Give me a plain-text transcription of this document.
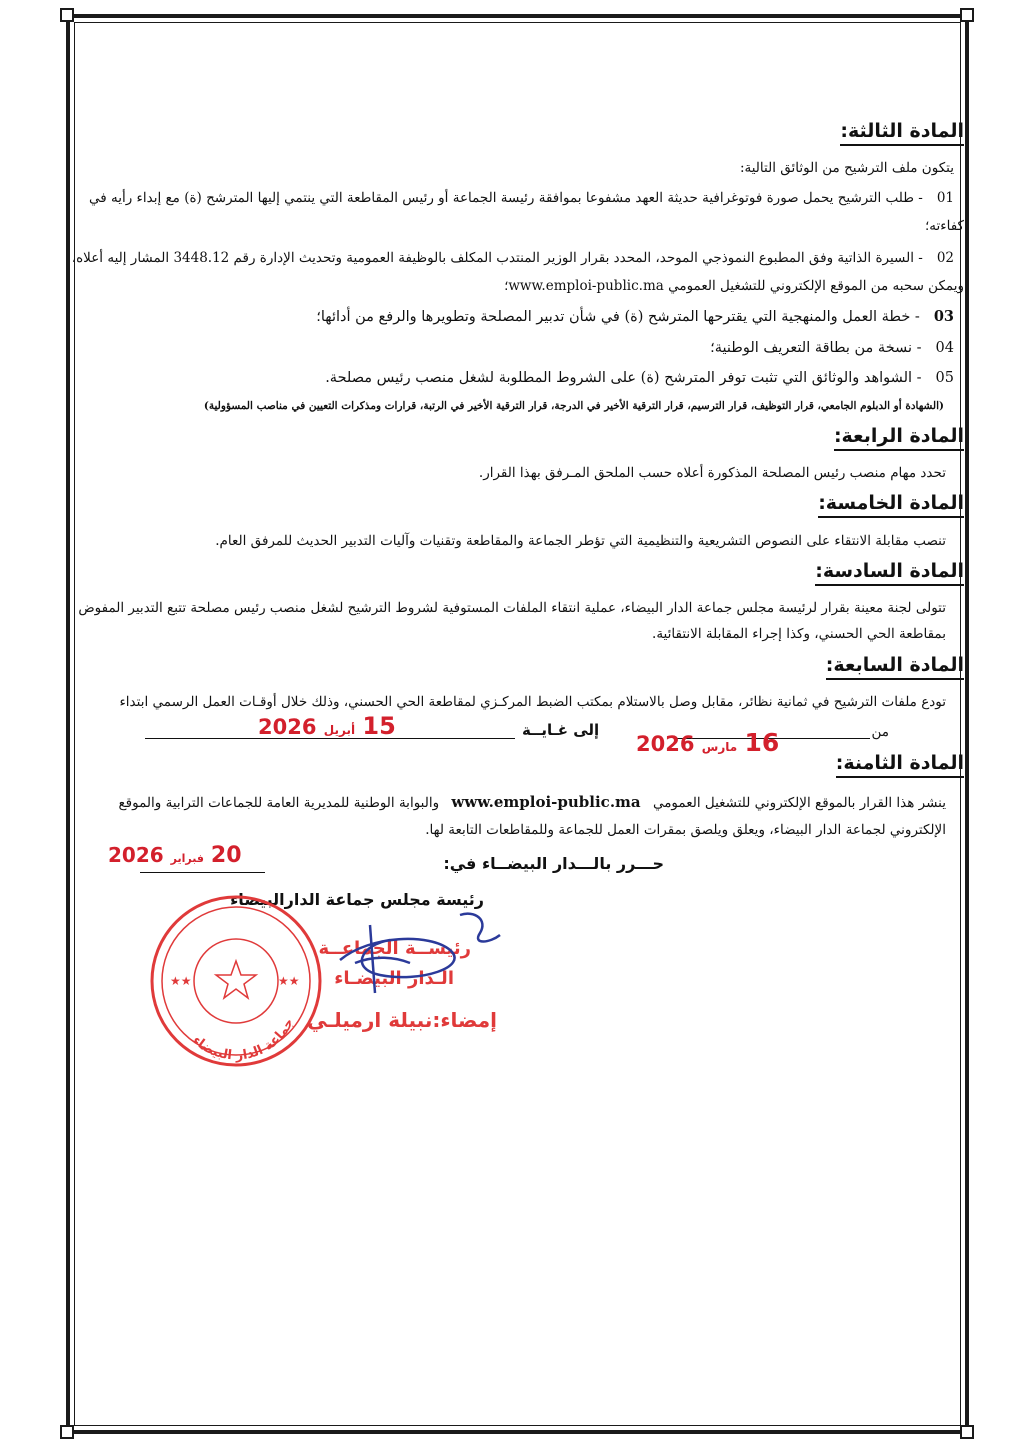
المادة الثالثة:
يتكون ملف الترشيح من الوثائق التالية:
01- طلب الترشيح يحمل صورة فوتوغرافية حديثة العهد مشفوعا بموافقة رئيسة الجماعة أو رئيس المقاطعة التي ينتمي إليها المترشح (ة) مع إبداء رأيه في
كفاءته؛
02- السيرة الذاتية وفق المطبوع النموذجي الموحد، المحدد بقرار الوزير المنتدب المكلف بالوظيفة العمومية وتحديث الإدارة رقم 3448.12 المشار إليه أعلاه،
ويمكن سحبه من الموقع الإلكتروني للتشغيل العمومي www.emploi-public.ma؛
03- خطة العمل والمنهجية التي يقترحها المترشح (ة) في شأن تدبير المصلحة وتطويرها والرفع من أدائها؛
04- نسخة من بطاقة التعريف الوطنية؛
05- الشواهد والوثائق التي تثبت توفر المترشح (ة) على الشروط المطلوبة لشغل منصب رئيس مصلحة.
(الشهادة أو الدبلوم الجامعي، قرار التوظيف، قرار الترسيم، قرار الترقية الأخير في الدرجة، قرار الترقية الأخير في الرتبة، قرارات ومذكرات التعيين في مناصب المسؤولية)
المادة الرابعة:
تحدد مهام منصب رئيس المصلحة المذكورة أعلاه حسب الملحق المـرفق بهذا القرار.
المادة الخامسة:
تنصب مقابلة الانتقاء على النصوص التشريعية والتنظيمية التي تؤطر الجماعة والمقاطعة وتقنيات وآليات التدبير الحديث للمرفق العام.
المادة السادسة:
تتولى لجنة معينة بقرار لرئيسة مجلس جماعة الدار البيضاء، عملية انتقاء الملفات المستوفية لشروط الترشيح لشغل منصب رئيس مصلحة تتبع التدبير المفوض
بمقاطعة الحي الحسني، وكذا إجراء المقابلة الانتقائية.
المادة السابعة:
تودع ملفات الترشيح في ثمانية نظائر، مقابل وصل بالاستلام بمكتب الضبط المركـزي لمقاطعة الحي الحسني، وذلك خلال أوقـات العمل الرسمي ابتداء
من
16 مارس 2026
إلى غـايــة
15 أبريل 2026
المادة الثامنة:
ينشر هذا القرار بالموقع الإلكتروني للتشغيل العمومي www.emploi-public.ma والبوابة الوطنية للمديرية العامة للجماعات الترابية والموقع
الإلكتروني لجماعة الدار البيضاء، ويعلق ويلصق بمقرات العمل للجماعة وللمقاطعات التابعة لها.
حـــرر بالـــدار البيضــاء في:
20 فبراير 2026
رئيسة مجلس جماعة الدارالبيضاء
رئيســة الجماعــة
الـدار البيضـاء
إمضاء:نبيلة ارميلـي
★★	★★
جماعة الدار البيضاء
